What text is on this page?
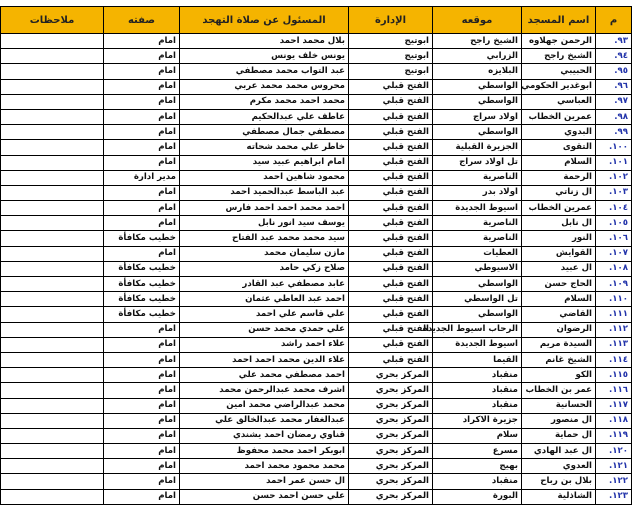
م	اسم المسجد	موقعه	الإدارة	المسئول عن صلاة التهجد	صفته	ملاحظات
٩٣.	الرحمن جهلاوه	الشيخ راجح	ابوتيج	بلال محمد احمد	امام	
٩٤.	الشيخ راجح	الزرابي	ابوتيج	يونس خلف يونس	امام	
٩٥.	الحبيبي	البلايزه	ابوتيج	عبد التواب محمد مصطفي	امام	
٩٦.	ابوغدير الحكومي	الواسطي	الفتح قبلي	محروس محمد محمد عربي	امام	
٩٧.	العباسي	الواسطي	الفتح قبلي	محمد احمد محمد مكرم	امام	
٩٨.	عمرين الخطاب	اولاد سراج	الفتح قبلي	عاطف علي عبدالحكيم	امام	
٩٩.	البدوي	الواسطي	الفتح قبلي	مصطفي جمال مصطفي	امام	
١٠٠.	التقوى	الجزيرة القبلية	الفتح قبلي	خاطر علي محمد شحاته	امام	
١٠١.	السلام	تل اولاد سراج	الفتح قبلي	امام ابراهيم عبيد سيد	امام	
١٠٢.	الرحمة	الناصرية	الفتح قبلي	محمود شاهين احمد	مدير ادارة	
١٠٣.	ال زناتي	اولاد بدر	الفتح قبلي	عبد الباسط عبدالحميد احمد	امام	
١٠٤.	عمرين الخطاب	اسيوط الجديدة	الفتح قبلي	احمد محمد احمد احمد فارس	امام	
١٠٥.	ال نابل	الناصرية	الفتح قبلي	يوسف سيد انور نابل	امام	
١٠٦.	النور	الناصرية	الفتح قبلي	سيد محمد محمد عبد الفتاح	خطيب مكافأة	
١٠٧.	القوايش	العطيات	الفتح قبلي	مازن سليمان محمد	امام	
١٠٨.	ال عبيد	الاسيوطي	الفتح قبلي	صلاح زكي حامد	خطيب مكافأة	
١٠٩.	الحاج حسن	الواسطي	الفتح قبلي	عابد مصطفي عبد القادر	خطيب مكافأة	
١١٠.	السلام	تل الواسطي	الفتح قبلي	احمد عبد العاطي عثمان	خطيب مكافأة	
١١١.	القاضي	الواسطي	الفتح قبلي	علي قاسم علي احمد	خطيب مكافأة	
١١٢.	الرضوان	الرحاب اسيوط الجديدة	الفتح قبلي	علي حمدي محمد حسن	امام	
١١٣.	السيدة مريم	اسيوط الجديدة	الفتح قبلي	علاء احمد راشد	امام	
١١٤.	الشيخ غانم	القيما	الفتح قبلي	علاء الدين محمد احمد احمد	امام	
١١٥.	الكو	منقباد	المركز بحري	احمد مصطفي محمد علي	امام	
١١٦.	عمر بن الخطاب	منقباد	المركز بحري	اشرف محمد عبدالرحمن محمد	امام	
١١٧.	الحسانية	منقباد	المركز بحري	محمد عبدالراضي محمد امين	امام	
١١٨.	ال منصور	جزيرة الاكراد	المركز بحري	عبدالغفار محمد عبدالخالق علي	امام	
١١٩.	ال حماية	سلام	المركز بحري	قناوي رمضان احمد يشندي	امام	
١٢٠.	ال عبد الهادي	مسرع	المركز بحري	ابوبكر احمد محمد محفوظ	امام	
١٢١.	العدوي	بهيج	المركز بحري	محمد محمود محمد احمد	امام	
١٢٢.	بلال بن رباح	منقباد	المركز بحري	ال حسن عمر احمد	امام	
١٢٣.	الشاذلية	البورة	المركز بحري	علي حسن احمد حسن	امام	
